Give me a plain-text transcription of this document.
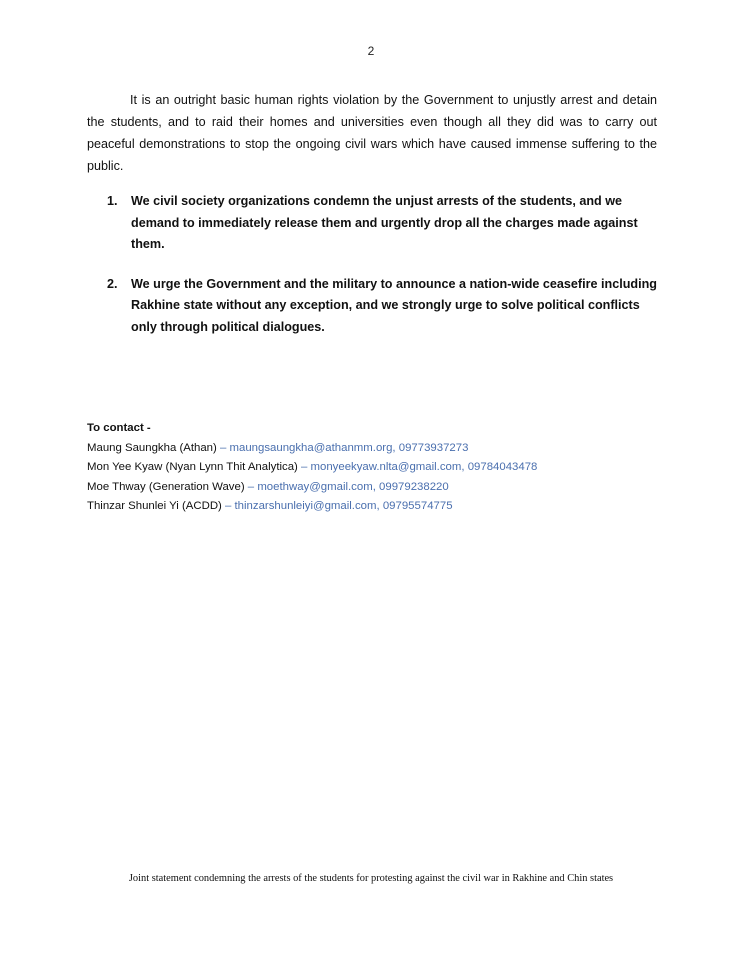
2

It is an outright basic human rights violation by the Government to unjustly arrest and detain the students, and to raid their homes and universities even though all they did was to carry out peaceful demonstrations to stop the ongoing civil wars which have caused immense suffering to the public.

1. We civil society organizations condemn the unjust arrests of the students, and we demand to immediately release them and urgently drop all the charges made against them.
2. We urge the Government and the military to announce a nation-wide ceasefire including Rakhine state without any exception, and we strongly urge to solve political conflicts only through political dialogues.
To contact -
Maung Saungkha (Athan) – maungsaungkha@athanmm.org, 09773937273
Mon Yee Kyaw (Nyan Lynn Thit Analytica) – monyeekyaw.nlta@gmail.com, 09784043478
Moe Thway (Generation Wave) – moethway@gmail.com, 09979238220
Thinzar Shunlei Yi (ACDD) – thinzarshunleiyi@gmail.com, 09795574775
Joint statement condemning the arrests of the students for protesting against the civil war in Rakhine and Chin states
